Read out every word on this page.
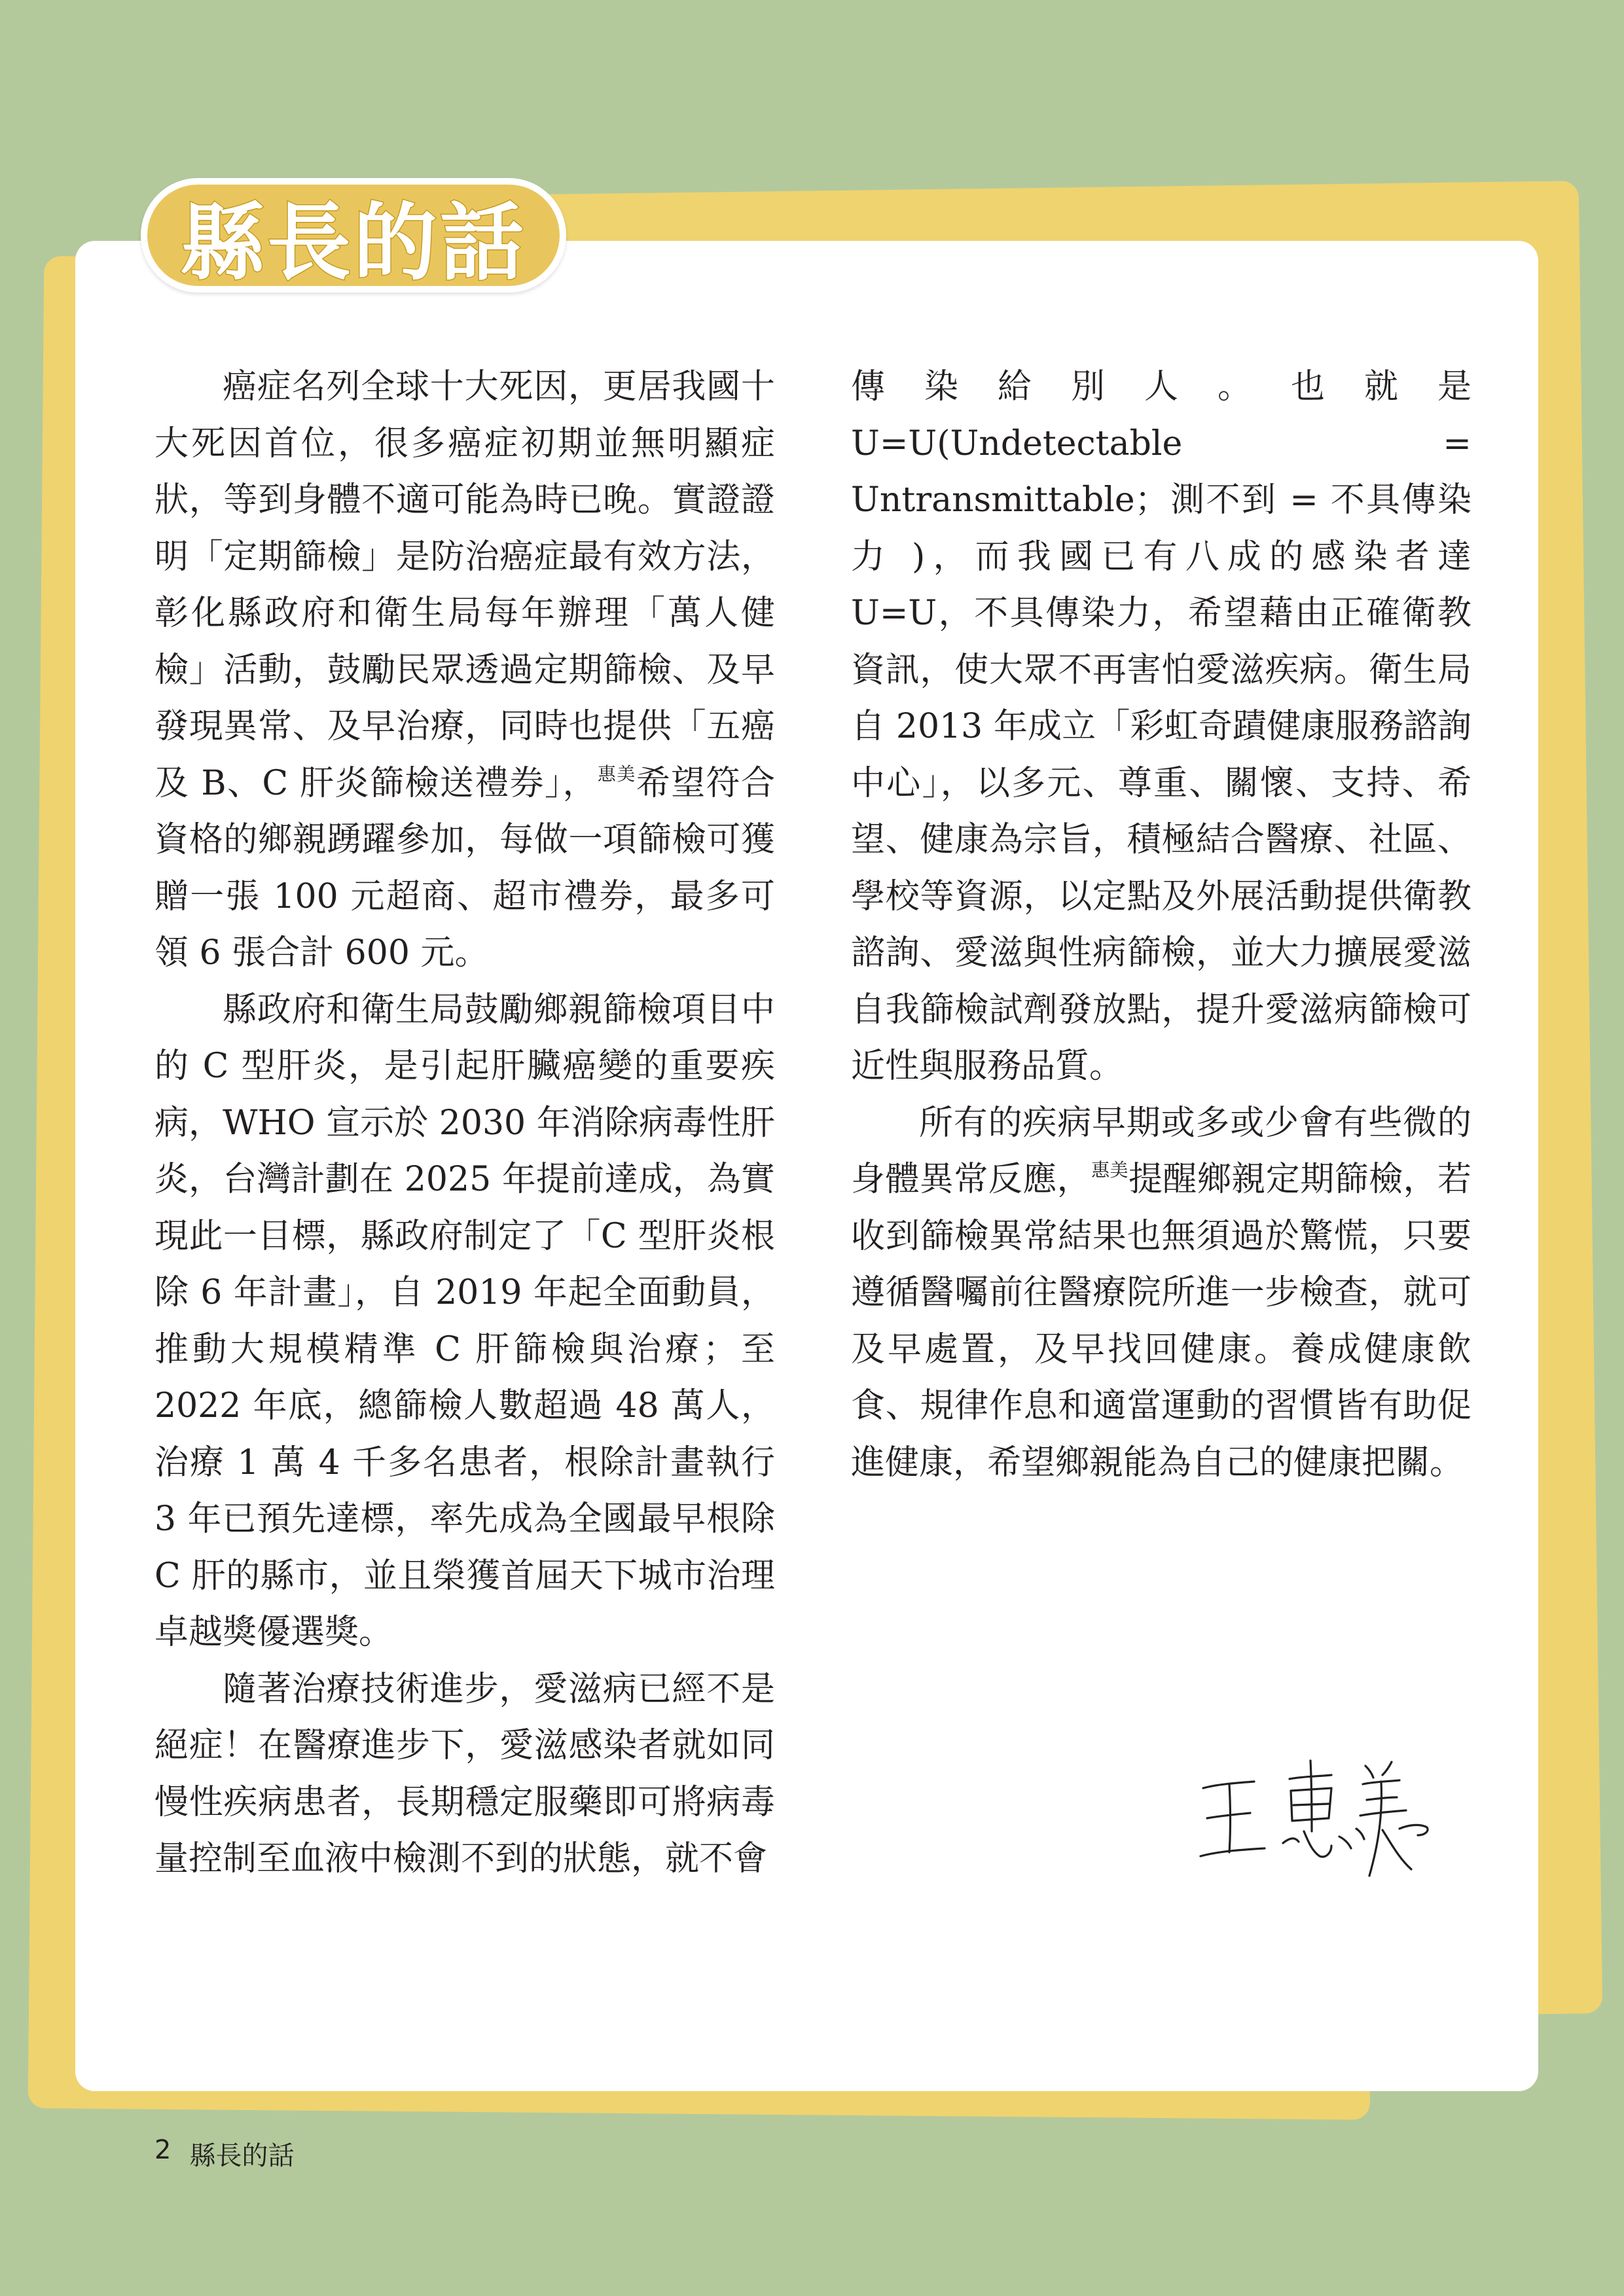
縣長的話

癌症名列全球十大死因，更居我國十大死因首位，很多癌症初期並無明顯症狀，等到身體不適可能為時已晚。實證證明「定期篩檢」是防治癌症最有效方法，彰化縣政府和衛生局每年辦理「萬人健檢」活動，鼓勵民眾透過定期篩檢、及早發現異常、及早治療，同時也提供「五癌及 B、C 肝炎篩檢送禮券」，$^{惠美}$希望符合資格的鄉親踴躍參加，每做一項篩檢可獲贈一張 100 元超商、超市禮券，最多可領 6 張合計 600 元。

縣政府和衛生局鼓勵鄉親篩檢項目中的 C 型肝炎，是引起肝臟癌變的重要疾病，WHO 宣示於 2030 年消除病毒性肝炎，台灣計劃在 2025 年提前達成，為實現此一目標，縣政府制定了「C 型肝炎根除 6 年計畫」，自 2019 年起全面動員，推動大規模精準 C 肝篩檢與治療；至 2022 年底，總篩檢人數超過 48 萬人，治療 1 萬 4 千多名患者，根除計畫執行 3 年已預先達標，率先成為全國最早根除 C 肝的縣市，並且榮獲首屆天下城市治理卓越獎優選獎。

隨著治療技術進步，愛滋病已經不是絕症！在醫療進步下，愛滋感染者就如同慢性疾病患者，長期穩定服藥即可將病毒量控制至血液中檢測不到的狀態，就不會

傳染給別人。也就是 U=U(Undetectable = Untransmittable；測不到 = 不具傳染力 )，而我國已有八成的感染者達 U=U，不具傳染力，希望藉由正確衛教資訊，使大眾不再害怕愛滋疾病。衛生局自 2013 年成立「彩虹奇蹟健康服務諮詢中心」，以多元、尊重、關懷、支持、希望、健康為宗旨，積極結合醫療、社區、學校等資源，以定點及外展活動提供衛教諮詢、愛滋與性病篩檢，並大力擴展愛滋自我篩檢試劑發放點，提升愛滋病篩檢可近性與服務品質。

所有的疾病早期或多或少會有些微的身體異常反應，$^{惠美}$提醒鄉親定期篩檢，若收到篩檢異常結果也無須過於驚慌，只要遵循醫囑前往醫療院所進一步檢查，就可及早處置，及早找回健康。養成健康飲食、規律作息和適當運動的習慣皆有助促進健康，希望鄉親能為自己的健康把關。

2 縣長的話
